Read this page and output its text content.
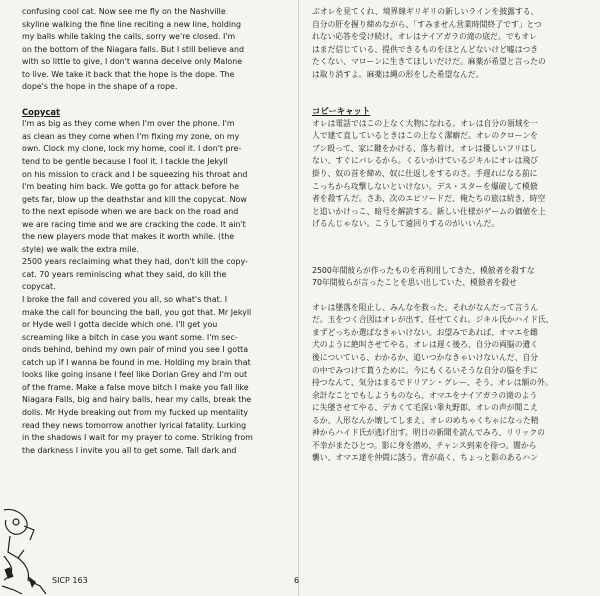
confusing cool cat. Now see me fly on the Nashville

skyline walking the fine line reciting a new line, holding

my balls while taking the calls, sorry we're closed. I'm

on the bottom of the Niagara falls. But I still believe and

with so little to give, I don't wanna deceive only Malone

to live. We take it back that the hope is the dope. The

dope's the hope in the shape of a rope.

Copycat

I'm as big as they come when I'm over the phone. I'm

as clean as they come when I'm fixing my zone, on my

own. Clock my clone, lock my home, cool it. I don't pre-

tend to be gentle because I fool it. I tackle the Jekyll

on his mission to crack and I be squeezing his throat and

I'm beating him back. We gotta go for attack before he

gets far, blow up the deathstar and kill the copycat. Now

to the next episode when we are back on the road and

we are racing time and we are cracking the code. It ain't

the new players mode that makes it worth while. (the

style) we walk the extra mile.

2500 years reclaiming what they had, don't kill the copy-

cat. 70 years reminiscing what they said, do kill the

copycat.

I broke the fall and covered you all, so what's that. I

make the call for bouncing the ball, you got that. Mr Jekyll

or Hyde well I gotta decide which one. I'll get you

screaming like a bitch in case you want some. I'm sec-

onds behind, behind my own pair of mind you see I gotta

catch up if I wanna be found in me. Holding my brain that

looks like going insane I feel like Dorian Grey and I'm out

of the frame. Make a false move bitch I make you fall like

Niagara Falls, big and hairy balls, hear my calls, break the

dolls. Mr Hyde breaking out from my fucked up mentality

read they news tomorrow another lyrical fatality. Lurking

in the shadows I wait for my prayer to come. Striking from

the darkness I invite you all to get some. Tall dark and

ぶオレを見てくれ、境界線ギリギリの新しいラインを披露する、

自分の肝を握り締めながら、「すみません営業時間終了です」とつ

れない応答を受け続け。オレはナイアガラの滝の底だ。でもオレ

はまだ信じている、提供できるものをほとんどないけど嘘はつき

たくない、マローンに生きてほしいだけだ。麻薬が希望と言ったの

は取り消すよ。麻薬は縄の形をした希望なんだ。

コピーキャット

オレは電話ではこの上なく大物になれる。オレは自分の領域を一

人で建て直しているときはこの上なく潔癖だ。オレのクローンを

ブン殴って、家に鍵をかける、落ち着け。オレは優しいフリはし

ない、すぐにバレるから。くるいかけているジキルにオレは飛び

掛り、奴の首を締め、奴に仕返しをするのさ。手遅れになる前に

こっちから攻撃しないといけない。デス・スターを爆破して模倣

者を殺すんだ。さあ、次のエピソードだ、俺たちの旅は続き、時空

と追いかけっこ、暗号を解読する。新しい仕様がゲームの価値を上

げるんじゃない。こうして遠回りするのがいいんだ。

2500年間彼らが作ったものを再利用してきた、模倣者を殺すな

70年間彼らが言ったことを思い出していた、模倣者を殺せ

オレは墜落を阻止し、みんなを救った、それがなんだって言うん

だ。玉をつく合図はオレが出す、任せてくれ。ジキル氏かハイド氏、

まずどっちか選ばなきゃいけない。お望みであれば、オマエを雌

犬のように絶叫させてやる。オレは遅く後ろ、自分の両脳の遺く

後についている、わかるか、追いつかなきゃいけないんだ、自分

の中でみつけて貰うために。今にもくるいそうな自分の脳を手に

持つなんて、気分はまるでドリアン・グレー、そう、オレは額の外。

余計なことでもしようものなら、オマエをナイアガラの滝のよう

に失墜させてやる、デカくて毛深い睾丸野郎、オレの声が聞こえ

るか、人形なんか壊してしまえ。オレのめちゃくちゃになった精

神からハイド氏が逃げ出す。明日の新聞を読んでみろ、リリックの

不幸がまたひとつ。影に身を潜め、チャンス到来を待つ。闇から

襲い、オマエ達を仲間に誘う。背が高く、ちょっと影のあるハン

SICP 163	6
